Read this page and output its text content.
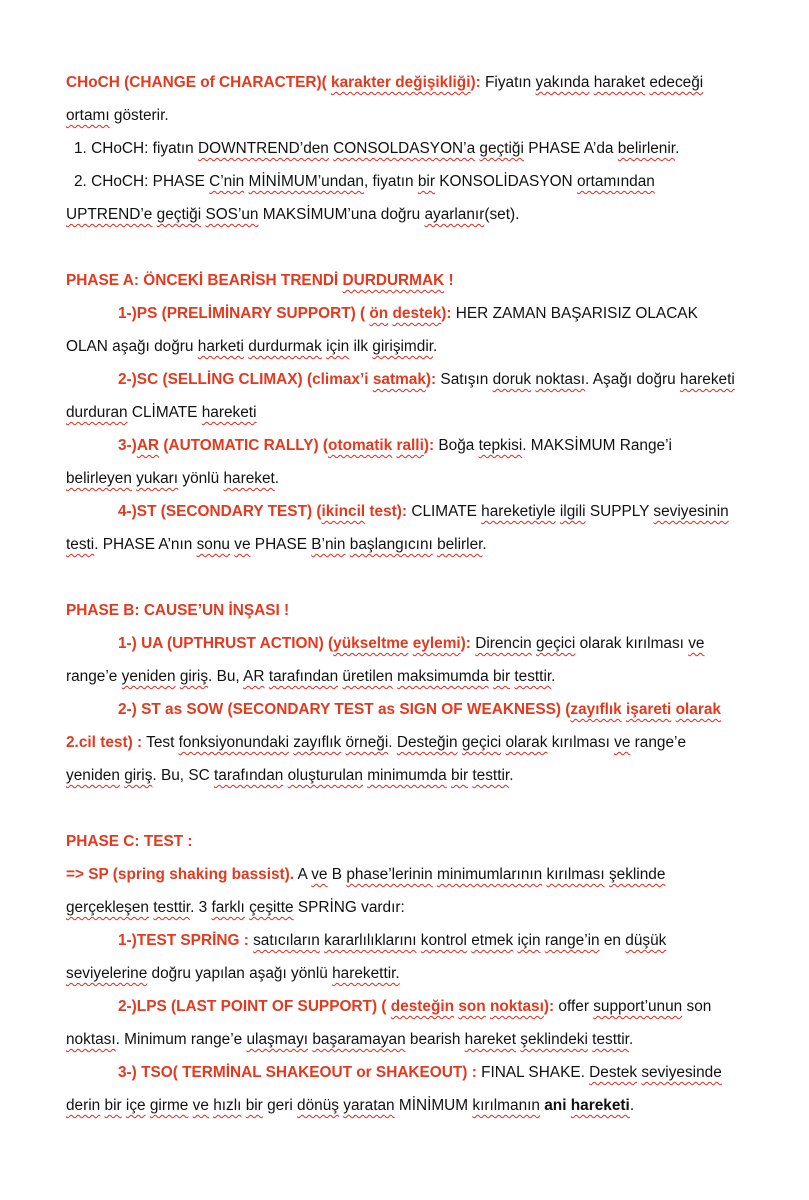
CHoCH (CHANGE of CHARACTER)( karakter değişikliği): Fiyatın yakında haraket edeceği
ortamı gösterir.
1. CHoCH: fiyatın DOWNTREND’den CONSOLDASYON’a geçtiği PHASE A’da belirlenir.
2. CHoCH: PHASE C’nin MİNİMUM’undan, fiyatın bir KONSOLİDASYON ortamından
UPTREND’e geçtiği SOS’un MAKSİMUM’una doğru ayarlanır(set).
PHASE A: ÖNCEKİ BEARİSH TRENDİ DURDURMAK !
1-)PS (PRELİMİNARY SUPPORT) ( ön destek): HER ZAMAN BAŞARISIZ OLACAK
OLAN aşağı doğru harketi durdurmak için ilk girişimdir.
2-)SC (SELLİNG CLIMAX) (climax’i satmak): Satışın doruk noktası. Aşağı doğru hareketi
durduran CLİMATE hareketi
3-)AR (AUTOMATIC RALLY) (otomatik ralli): Boğa tepkisi. MAKSİMUM Range’i
belirleyen yukarı yönlü hareket.
4-)ST (SECONDARY TEST) (ikincil test): CLIMATE hareketiyle ilgili SUPPLY seviyesinin
testi. PHASE A’nın sonu ve PHASE B’nin başlangıcını belirler.
PHASE B: CAUSE’UN İNŞASI !
1-) UA (UPTHRUST ACTION) (yükseltme eylemi): Direncin geçici olarak kırılması ve
range’e yeniden giriş. Bu, AR tarafından üretilen maksimumda bir testtir.
2-) ST as SOW (SECONDARY TEST as SIGN OF WEAKNESS) (zayıflık işareti olarak
2.cil test) : Test fonksiyonundaki zayıflık örneği. Desteğin geçici olarak kırılması ve range’e
yeniden giriş. Bu, SC tarafından oluşturulan minimumda bir testtir.
PHASE C: TEST :
=> SP (spring shaking bassist). A ve B phase’lerinin minimumlarının kırılması şeklinde
gerçekleşen testtir. 3 farklı çeşitte SPRİNG vardır:
1-)TEST SPRİNG : satıcıların kararlılıklarını kontrol etmek için range’in en düşük
seviyelerine doğru yapılan aşağı yönlü harekettir.
2-)LPS (LAST POINT OF SUPPORT) ( desteğin son noktası): offer support’unun son
noktası. Minimum range’e ulaşmayı başaramayan bearish hareket şeklindeki testtir.
3-) TSO( TERMİNAL SHAKEOUT or SHAKEOUT) : FINAL SHAKE. Destek seviyesinde
derin bir içe girme ve hızlı bir geri dönüş yaratan MİNİMUM kırılmanın ani hareketi.
